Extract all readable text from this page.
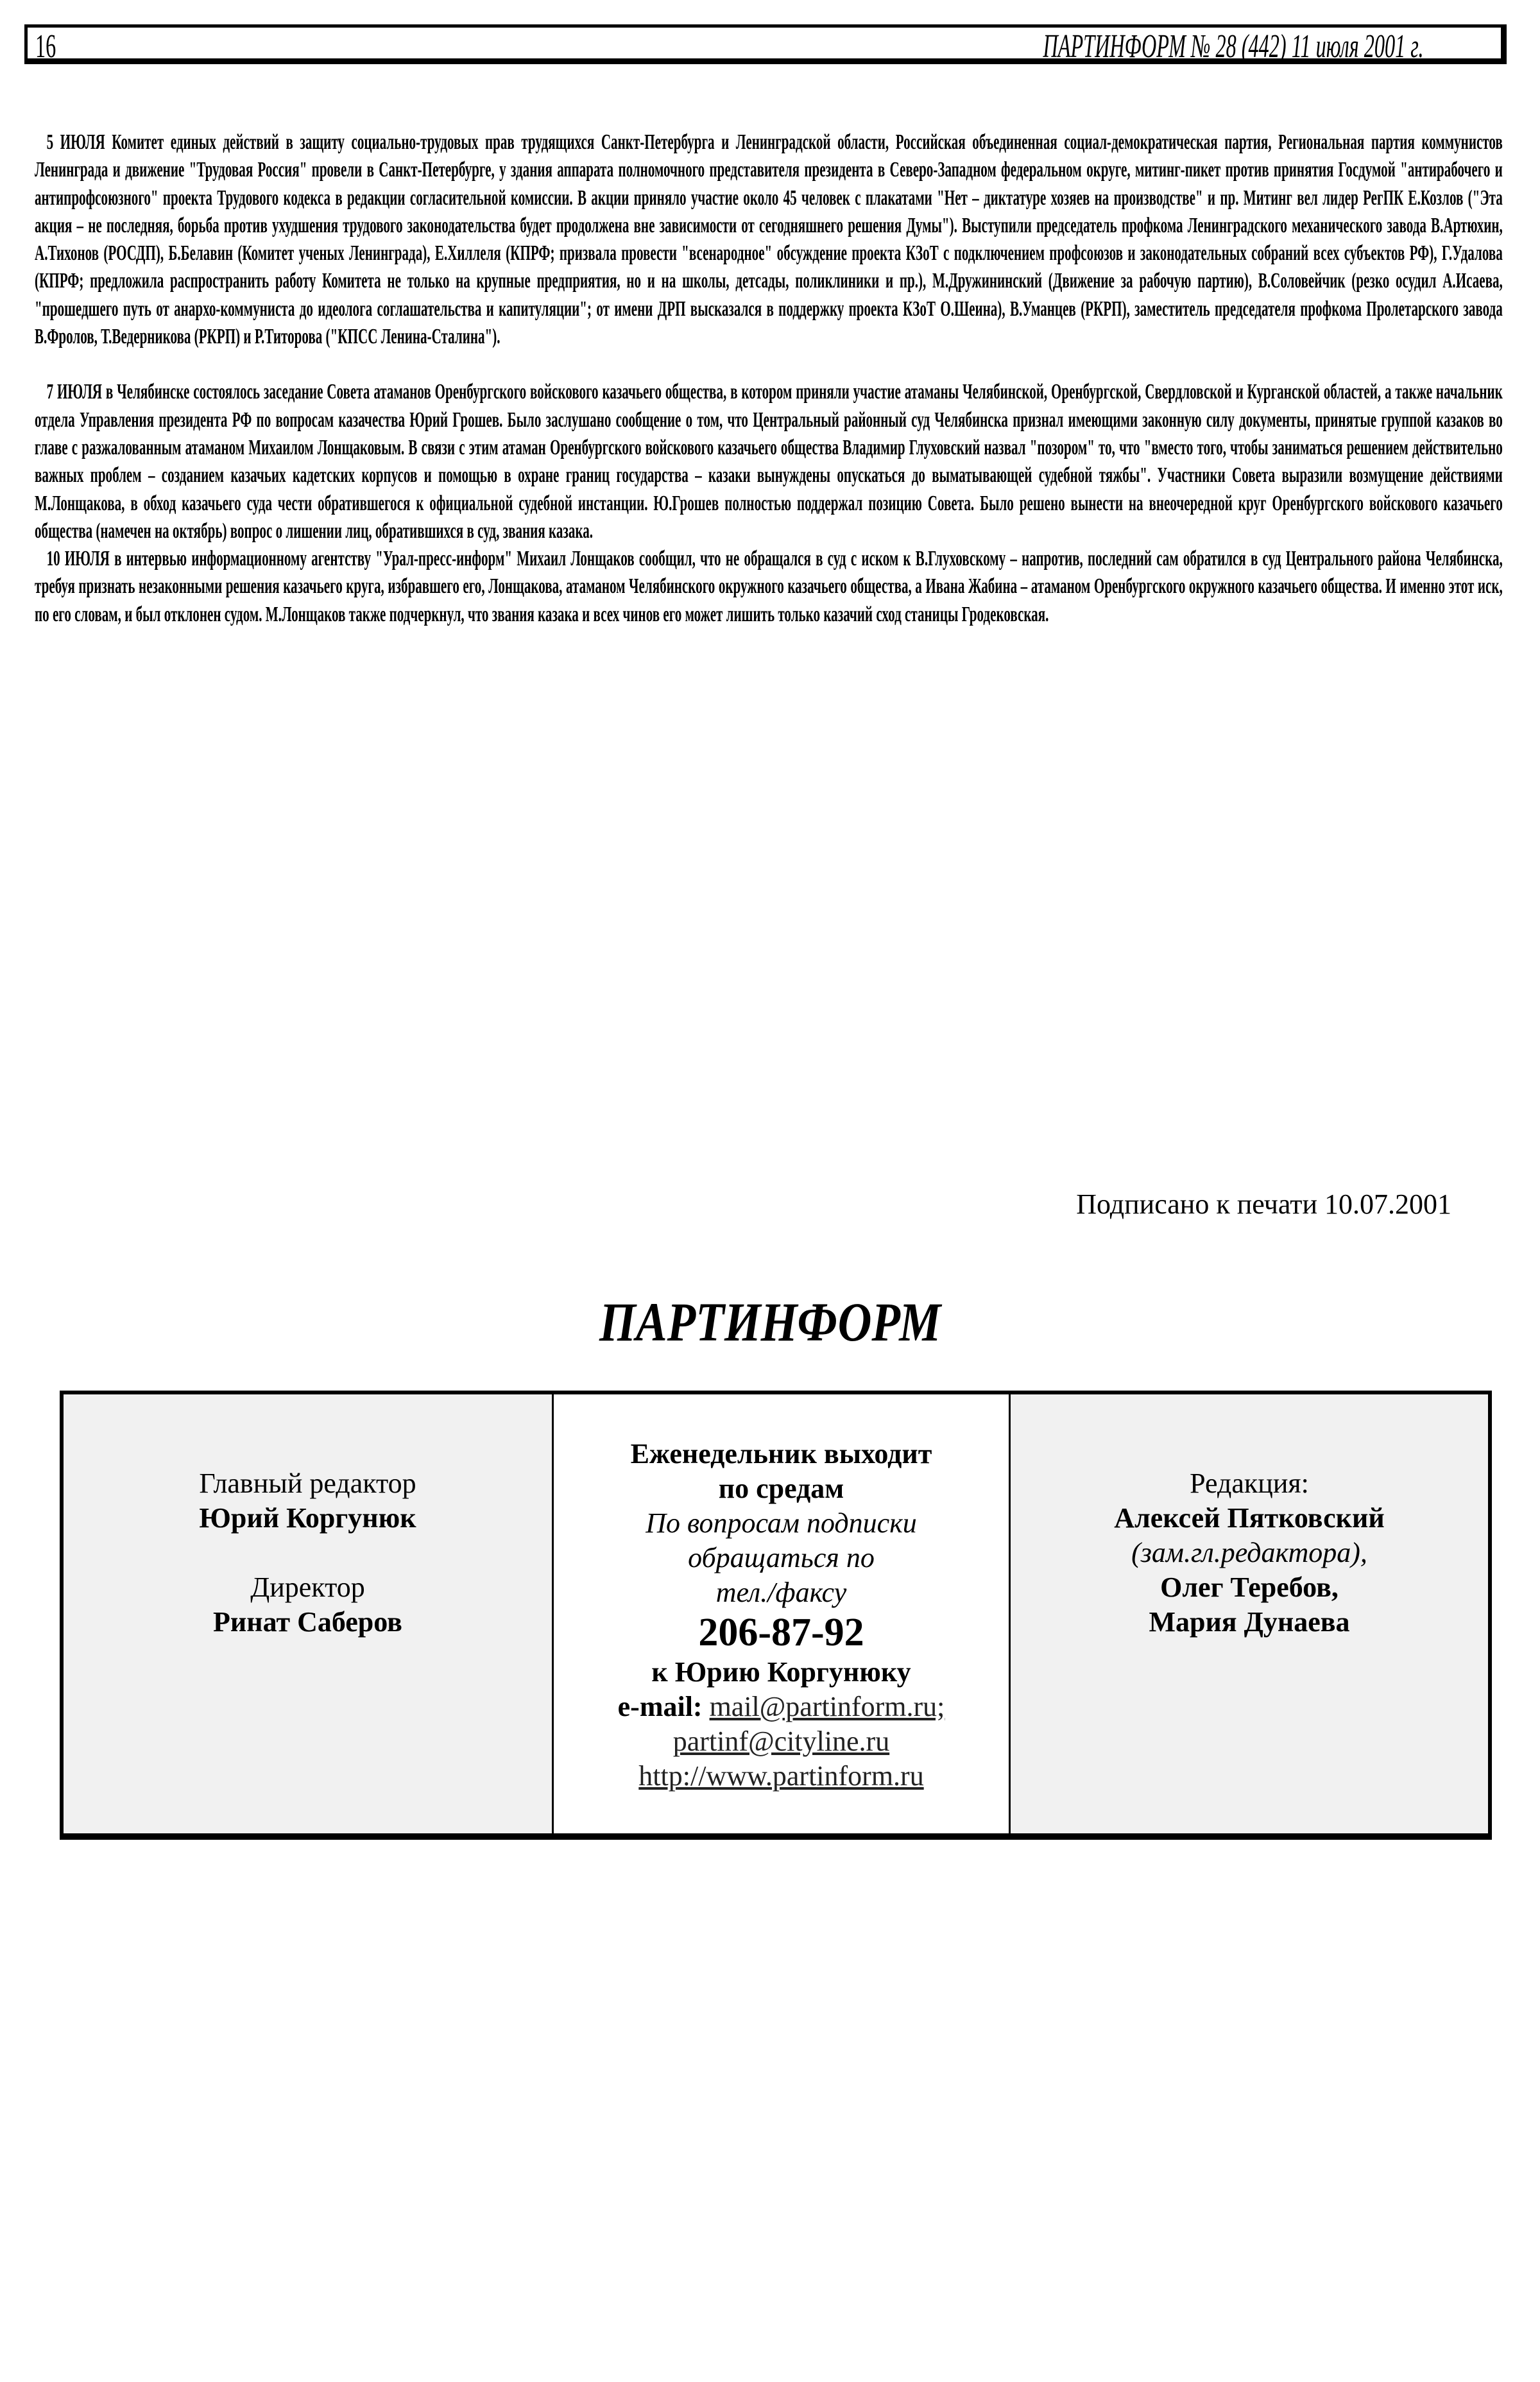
16	ПАРТИНФОРМ № 28 (442) 11 июля 2001 г.

5 ИЮЛЯ Комитет единых действий в защиту социально-трудовых прав трудящихся Санкт-Петербурга и Ленинградской области, Российская объединенная социал-демократическая партия, Региональная партия коммунистов Ленинграда и движение "Трудовая Россия" провели в Санкт-Петербурге, у здания аппарата полномочного представителя президента в Северо-Западном федеральном округе, митинг-пикет против принятия Госдумой "антирабочего и антипрофсоюзного" проекта Трудового кодекса в редакции согласительной комиссии. В акции приняло участие около 45 человек с плакатами "Нет – диктатуре хозяев на производстве" и пр. Митинг вел лидер РегПК Е.Козлов ("Эта акция – не последняя, борьба против ухудшения трудового законодательства будет продолжена вне зависимости от сегодняшнего решения Думы"). Выступили председатель профкома Ленинградского механического завода В.Артюхин, А.Тихонов (РОСДП), Б.Белавин (Комитет ученых Ленинграда), Е.Хиллеля (КПРФ; призвала провести "всенародное" обсуждение проекта КЗоТ с подключением профсоюзов и законодательных собраний всех субъектов РФ), Г.Удалова (КПРФ; предложила распространить работу Комитета не только на крупные предприятия, но и на школы, детсады, поликлиники и пр.), М.Дружининский (Движение за рабочую партию), В.Соловейчик (резко осудил А.Исаева, "прошедшего путь от анархо-коммуниста до идеолога соглашательства и капитуляции"; от имени ДРП высказался в поддержку проекта КЗоТ О.Шеина), В.Уманцев (РКРП), заместитель председателя профкома Пролетарского завода В.Фролов, Т.Ведерникова (РКРП) и Р.Титорова ("КПСС Ленина-Сталина").

7 ИЮЛЯ в Челябинске состоялось заседание Совета атаманов Оренбургского войскового казачьего общества, в котором приняли участие атаманы Челябинской, Оренбургской, Свердловской и Курганской областей, а также начальник отдела Управления президента РФ по вопросам казачества Юрий Грошев. Было заслушано сообщение о том, что Центральный районный суд Челябинска признал имеющими законную силу документы, принятые группой казаков во главе с разжалованным атаманом Михаилом Лонщаковым. В связи с этим атаман Оренбургского войскового казачьего общества Владимир Глуховский назвал "позором" то, что "вместо того, чтобы заниматься решением действительно важных проблем – созданием казачьих кадетских корпусов и помощью в охране границ государства – казаки вынуждены опускаться до выматывающей судебной тяжбы". Участники Совета выразили возмущение действиями М.Лонщакова, в обход казачьего суда чести обратившегося к официальной судебной инстанции. Ю.Грошев полностью поддержал позицию Совета. Было решено вынести на внеочередной круг Оренбургского войскового казачьего общества (намечен на октябрь) вопрос о лишении лиц, обратившихся в суд, звания казака.

10 ИЮЛЯ в интервью информационному агентству "Урал-пресс-информ" Михаил Лонщаков сообщил, что не обращался в суд с иском к В.Глуховскому – напротив, последний сам обратился в суд Центрального района Челябинска, требуя признать незаконными решения казачьего круга, избравшего его, Лонщакова, атаманом Челябинского окружного казачьего общества, а Ивана Жабина – атаманом Оренбургского окружного казачьего общества. И именно этот иск, по его словам, и был отклонен судом. М.Лонщаков также подчеркнул, что звания казака и всех чинов его может лишить только казачий сход станицы Гродековская.

Подписано к печати 10.07.2001
ПАРТИНФОРМ
Главный редактор
Юрий Коргунюк
Директор
Ринат Саберов
Еженедельник выходит
по средам
По вопросам подписки
обращаться по
тел./факсу
206-87-92
к Юрию Коргунюку
e-mail: mail@partinform.ru;
partinf@cityline.ru
http://www.partinform.ru
Редакция:
Алексей Пятковский
(зам.гл.редактора),
Олег Теребов,
Мария Дунаева
